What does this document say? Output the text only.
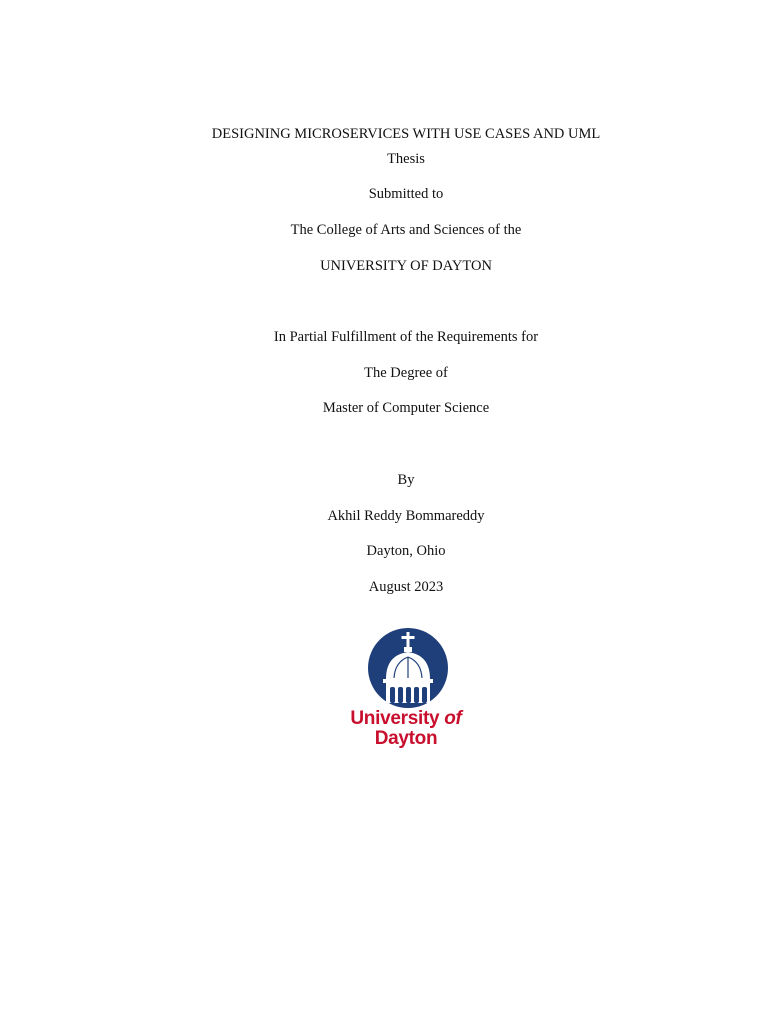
DESIGNING MICROSERVICES WITH USE CASES AND UML
Thesis
Submitted to
The College of Arts and Sciences of the
UNIVERSITY OF DAYTON
In Partial Fulfillment of the Requirements for
The Degree of
Master of Computer Science
By
Akhil Reddy Bommareddy
Dayton, Ohio
August 2023
University of
Dayton
